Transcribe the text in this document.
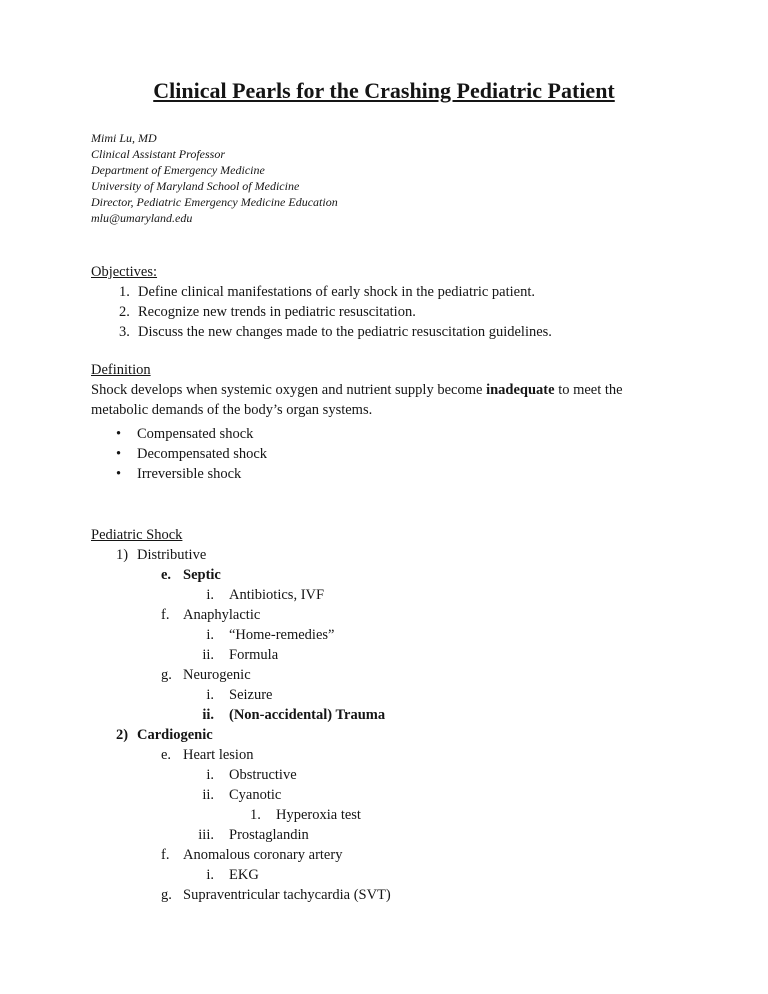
Clinical Pearls for the Crashing Pediatric Patient
Mimi Lu, MD
Clinical Assistant Professor
Department of Emergency Medicine
University of Maryland School of Medicine
Director, Pediatric Emergency Medicine Education
mlu@umaryland.edu
Objectives:
1. Define clinical manifestations of early shock in the pediatric patient.
2. Recognize new trends in pediatric resuscitation.
3. Discuss the new changes made to the pediatric resuscitation guidelines.
Definition
Shock develops when systemic oxygen and nutrient supply become inadequate to meet the metabolic demands of the body’s organ systems.
•	Compensated shock
•	Decompensated shock
•	Irreversible shock
Pediatric Shock
1) Distributive
e. Septic
i.	Antibiotics, IVF
f. Anaphylactic
i.	“Home-remedies”
ii.	Formula
g. Neurogenic
i.	Seizure
ii.	(Non-accidental) Trauma
2) Cardiogenic
e. Heart lesion
i.	Obstructive
ii.	Cyanotic
1.	Hyperoxia test
iii.	Prostaglandin
f. Anomalous coronary artery
i.	EKG
g. Supraventricular tachycardia (SVT)
